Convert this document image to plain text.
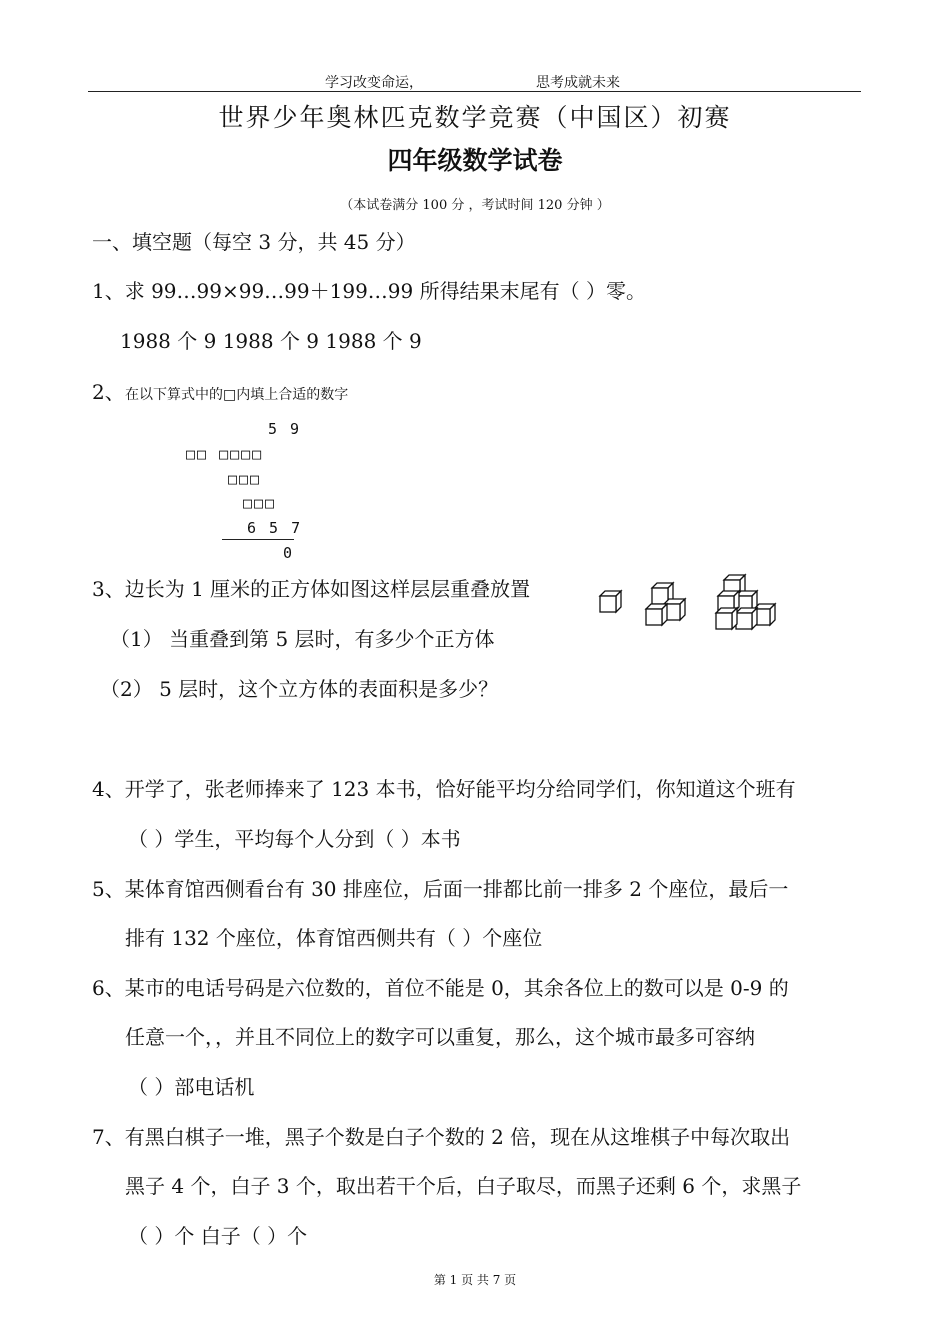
学习改变命运，	思考成就未来
世界少年奥林匹克数学竞赛（中国区）初赛
四年级数学试卷
（本试卷满分 100 分 ，考试时间 120 分钟 ）
一、填空题（每空 3 分，共 45 分）
1、求 99…99×99…99＋199…99 所得结果末尾有（ ）零。
1988 个 9 1988 个 9 1988 个 9
2、 在以下算式中的□内填上合适的数字
5 9
□□ □□□□
□□□
□□□
6 5 7
0
3、边长为 1 厘米的正方体如图这样层层重叠放置
（1） 当重叠到第 5 层时，有多少个正方体
（2） 5 层时，这个立方体的表面积是多少？
4、开学了，张老师捧来了 123 本书，恰好能平均分给同学们，你知道这个班有
（ ）学生，平均每个人分到（ ）本书
5、某体育馆西侧看台有 30 排座位，后面一排都比前一排多 2 个座位，最后一
排有 132 个座位，体育馆西侧共有（ ）个座位
6、某市的电话号码是六位数的，首位不能是 0，其余各位上的数可以是 0-9 的
任意一个，，并且不同位上的数字可以重复，那么，这个城市最多可容纳
（ ）部电话机
7、有黑白棋子一堆，黑子个数是白子个数的 2 倍，现在从这堆棋子中每次取出
黑子 4 个，白子 3 个，取出若干个后，白子取尽，而黑子还剩 6 个，求黑子
（ ）个 白子（ ）个
第 1 页 共 7 页
